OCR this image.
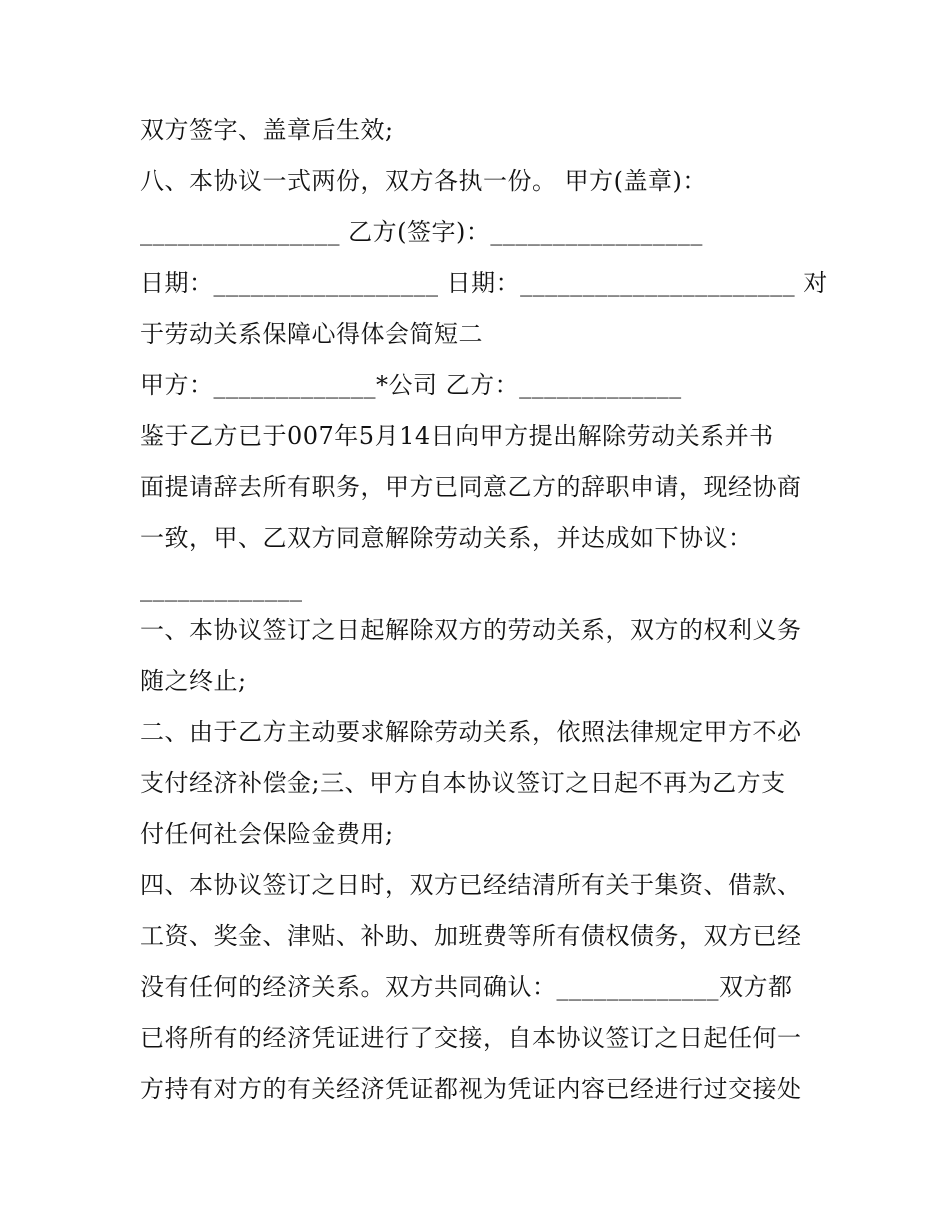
双方签字、盖章后生效;
八、本协议一式两份，双方各执一份。 甲方(盖章)：
________________ 乙方(签字)：_________________
日期：__________________ 日期：______________________ 对
于劳动关系保障心得体会简短二
甲方：_____________*公司 乙方：_____________
鉴于乙方已于007年5月14日向甲方提出解除劳动关系并书
面提请辞去所有职务，甲方已同意乙方的辞职申请，现经协商
一致，甲、乙双方同意解除劳动关系，并达成如下协议：
_____________
一、本协议签订之日起解除双方的劳动关系，双方的权利义务
随之终止;
二、由于乙方主动要求解除劳动关系，依照法律规定甲方不必
支付经济补偿金;三、甲方自本协议签订之日起不再为乙方支
付任何社会保险金费用;
四、本协议签订之日时，双方已经结清所有关于集资、借款、
工资、奖金、津贴、补助、加班费等所有债权债务，双方已经
没有任何的经济关系。双方共同确认：_____________双方都
已将所有的经济凭证进行了交接，自本协议签订之日起任何一
方持有对方的有关经济凭证都视为凭证内容已经进行过交接处
